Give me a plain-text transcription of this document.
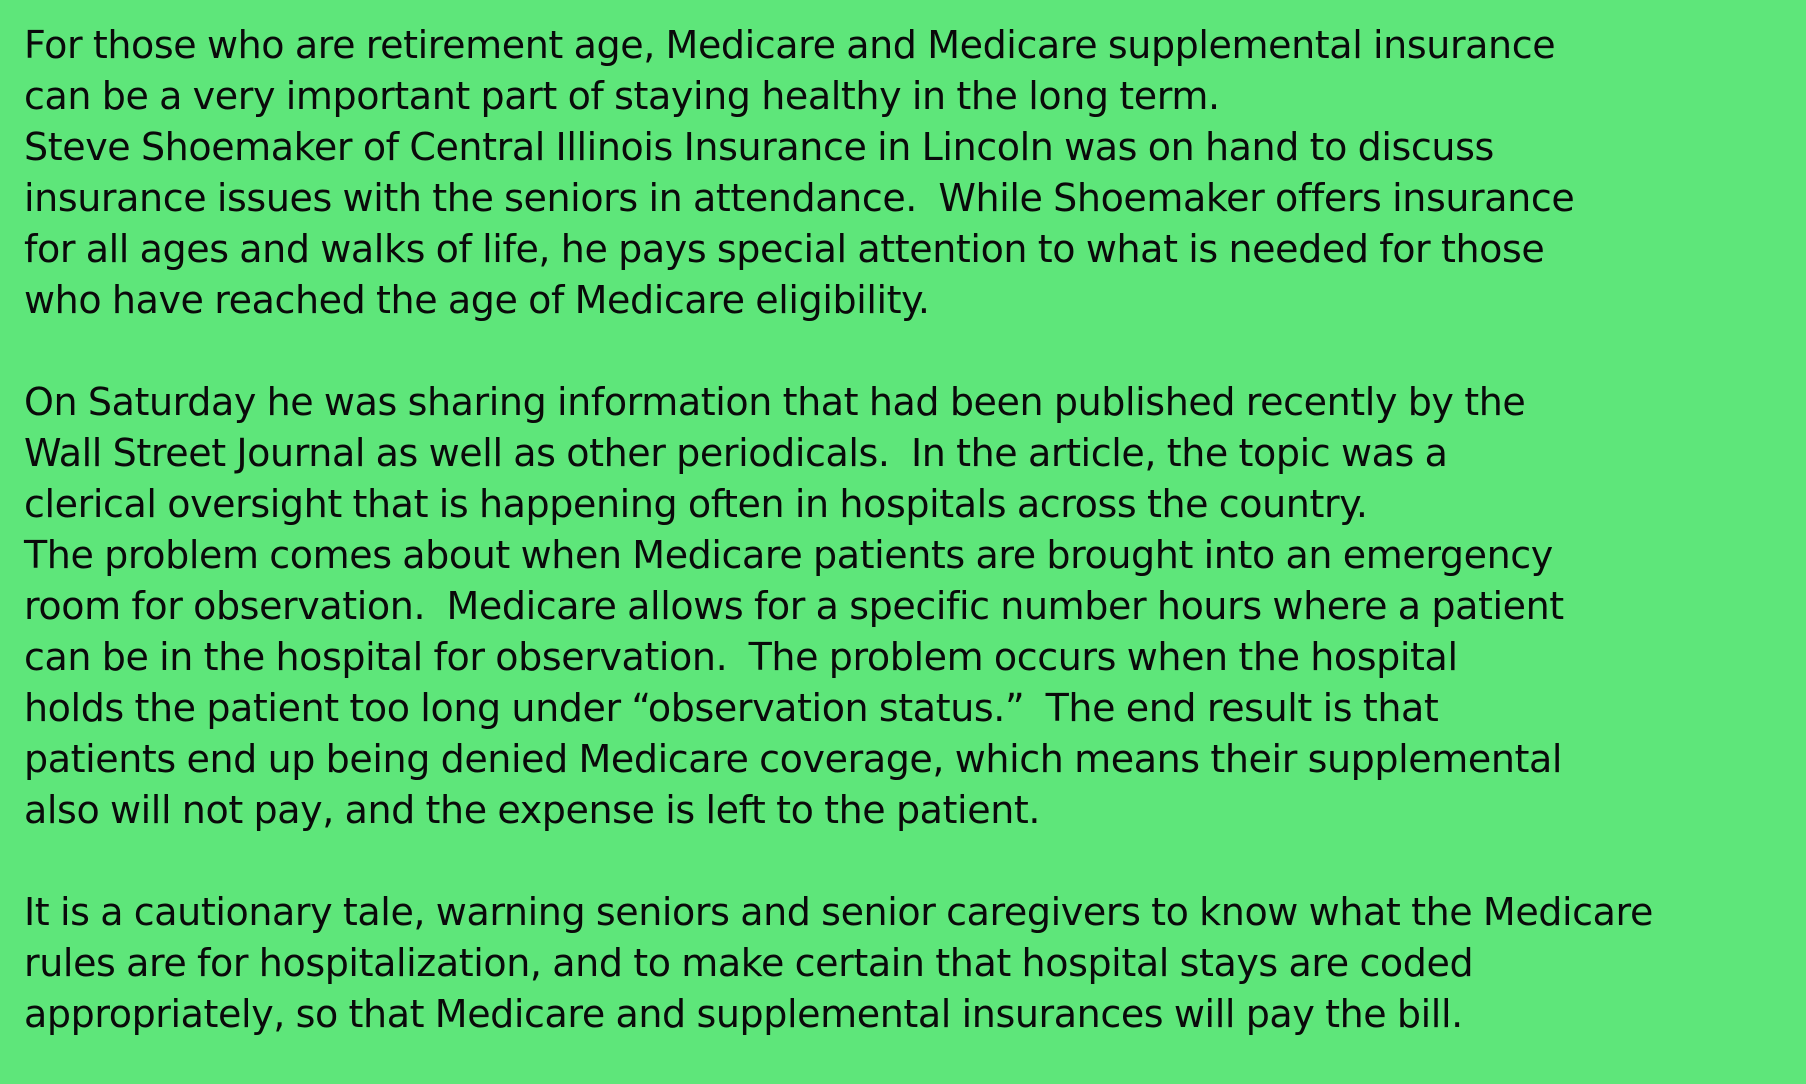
For those who are retirement age, Medicare and Medicare supplemental insurance
can be a very important part of staying healthy in the long term.
Steve Shoemaker of Central Illinois Insurance in Lincoln was on hand to discuss
insurance issues with the seniors in attendance.  While Shoemaker offers insurance
for all ages and walks of life, he pays special attention to what is needed for those
who have reached the age of Medicare eligibility.
On Saturday he was sharing information that had been published recently by the
Wall Street Journal as well as other periodicals.  In the article, the topic was a
clerical oversight that is happening often in hospitals across the country.
The problem comes about when Medicare patients are brought into an emergency
room for observation.  Medicare allows for a specific number hours where a patient
can be in the hospital for observation.  The problem occurs when the hospital
holds the patient too long under “observation status.”  The end result is that
patients end up being denied Medicare coverage, which means their supplemental
also will not pay, and the expense is left to the patient.
It is a cautionary tale, warning seniors and senior caregivers to know what the Medicare
rules are for hospitalization, and to make certain that hospital stays are coded
appropriately, so that Medicare and supplemental insurances will pay the bill.
